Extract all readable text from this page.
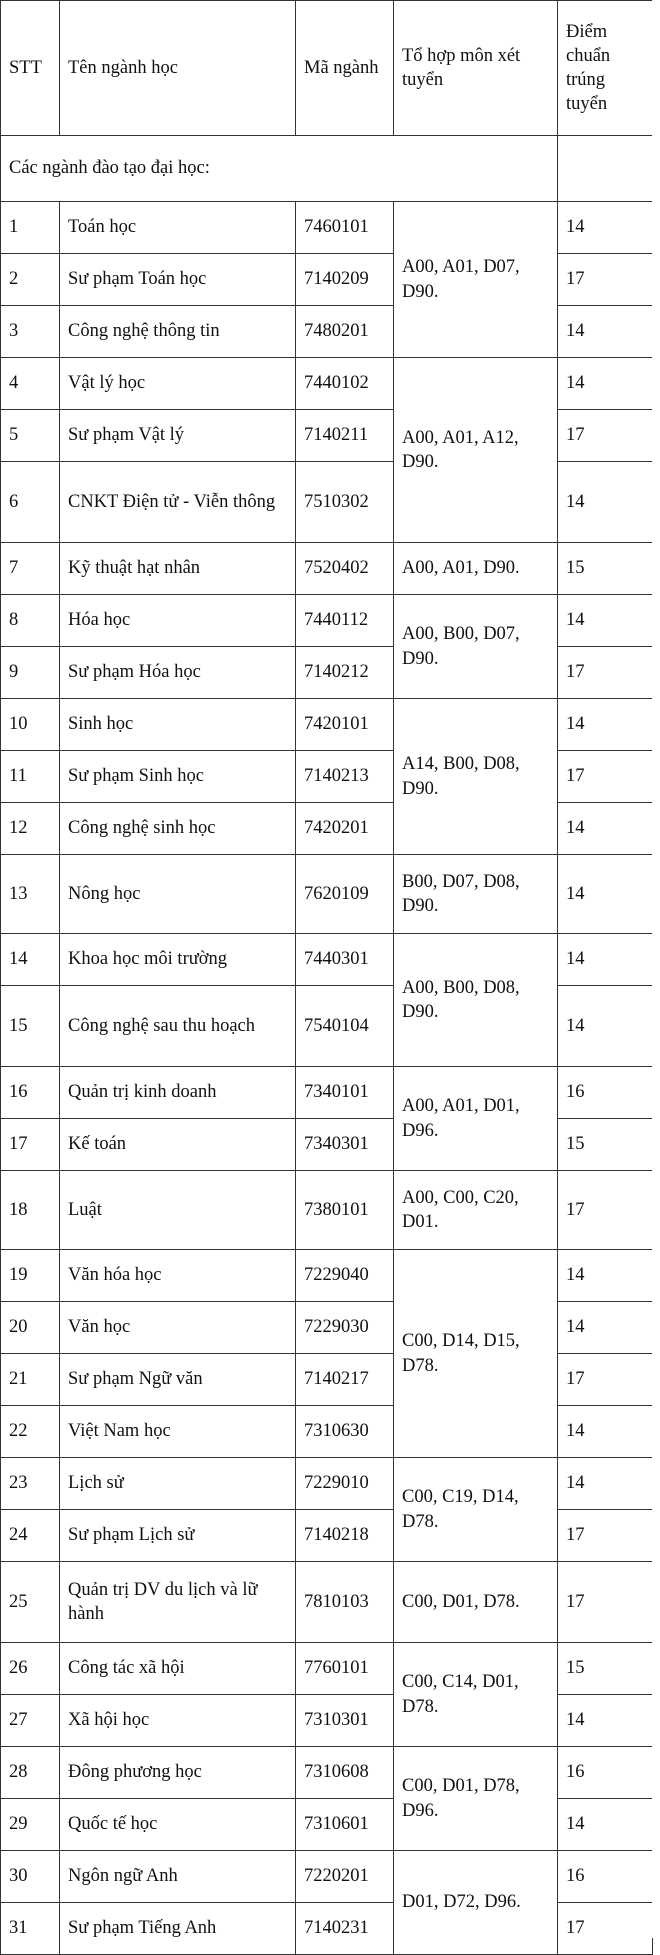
STT	Tên ngành học	Mã ngành	Tổ hợp môn xét tuyển	Điểm chuẩn trúng tuyển
Các ngành đào tạo đại học:				
1	Toán học	7460101	A00, A01, D07, D90.	14
2	Sư phạm Toán học	7140209		17
3	Công nghệ thông tin	7480201		14
4	Vật lý học	7440102	A00, A01, A12, D90.	14
5	Sư phạm Vật lý	7140211		17
6	CNKT Điện tử - Viễn thông	7510302		14
7	Kỹ thuật hạt nhân	7520402	A00, A01, D90.	15
8	Hóa học	7440112	A00, B00, D07, D90.	14
9	Sư phạm Hóa học	7140212		17
10	Sinh học	7420101	A14, B00, D08, D90.	14
11	Sư phạm Sinh học	7140213		17
12	Công nghệ sinh học	7420201		14
13	Nông học	7620109	B00, D07, D08, D90.	14
14	Khoa học môi trường	7440301	A00, B00, D08, D90.	14
15	Công nghệ sau thu hoạch	7540104		14
16	Quản trị kinh doanh	7340101	A00, A01, D01, D96.	16
17	Kế toán	7340301		15
18	Luật	7380101	A00, C00, C20, D01.	17
19	Văn hóa học	7229040	C00, D14, D15, D78.	14
20	Văn học	7229030		14
21	Sư phạm Ngữ văn	7140217		17
22	Việt Nam học	7310630		14
23	Lịch sử	7229010	C00, C19, D14, D78.	14
24	Sư phạm Lịch sử	7140218		17
25	Quản trị DV du lịch và lữ hành	7810103	C00, D01, D78.	17
26	Công tác xã hội	7760101	C00, C14, D01, D78.	15
27	Xã hội học	7310301		14
28	Đông phương học	7310608	C00, D01, D78, D96.	16
29	Quốc tế học	7310601		14
30	Ngôn ngữ Anh	7220201	D01, D72, D96.	16
31	Sư phạm Tiếng Anh	7140231		17
